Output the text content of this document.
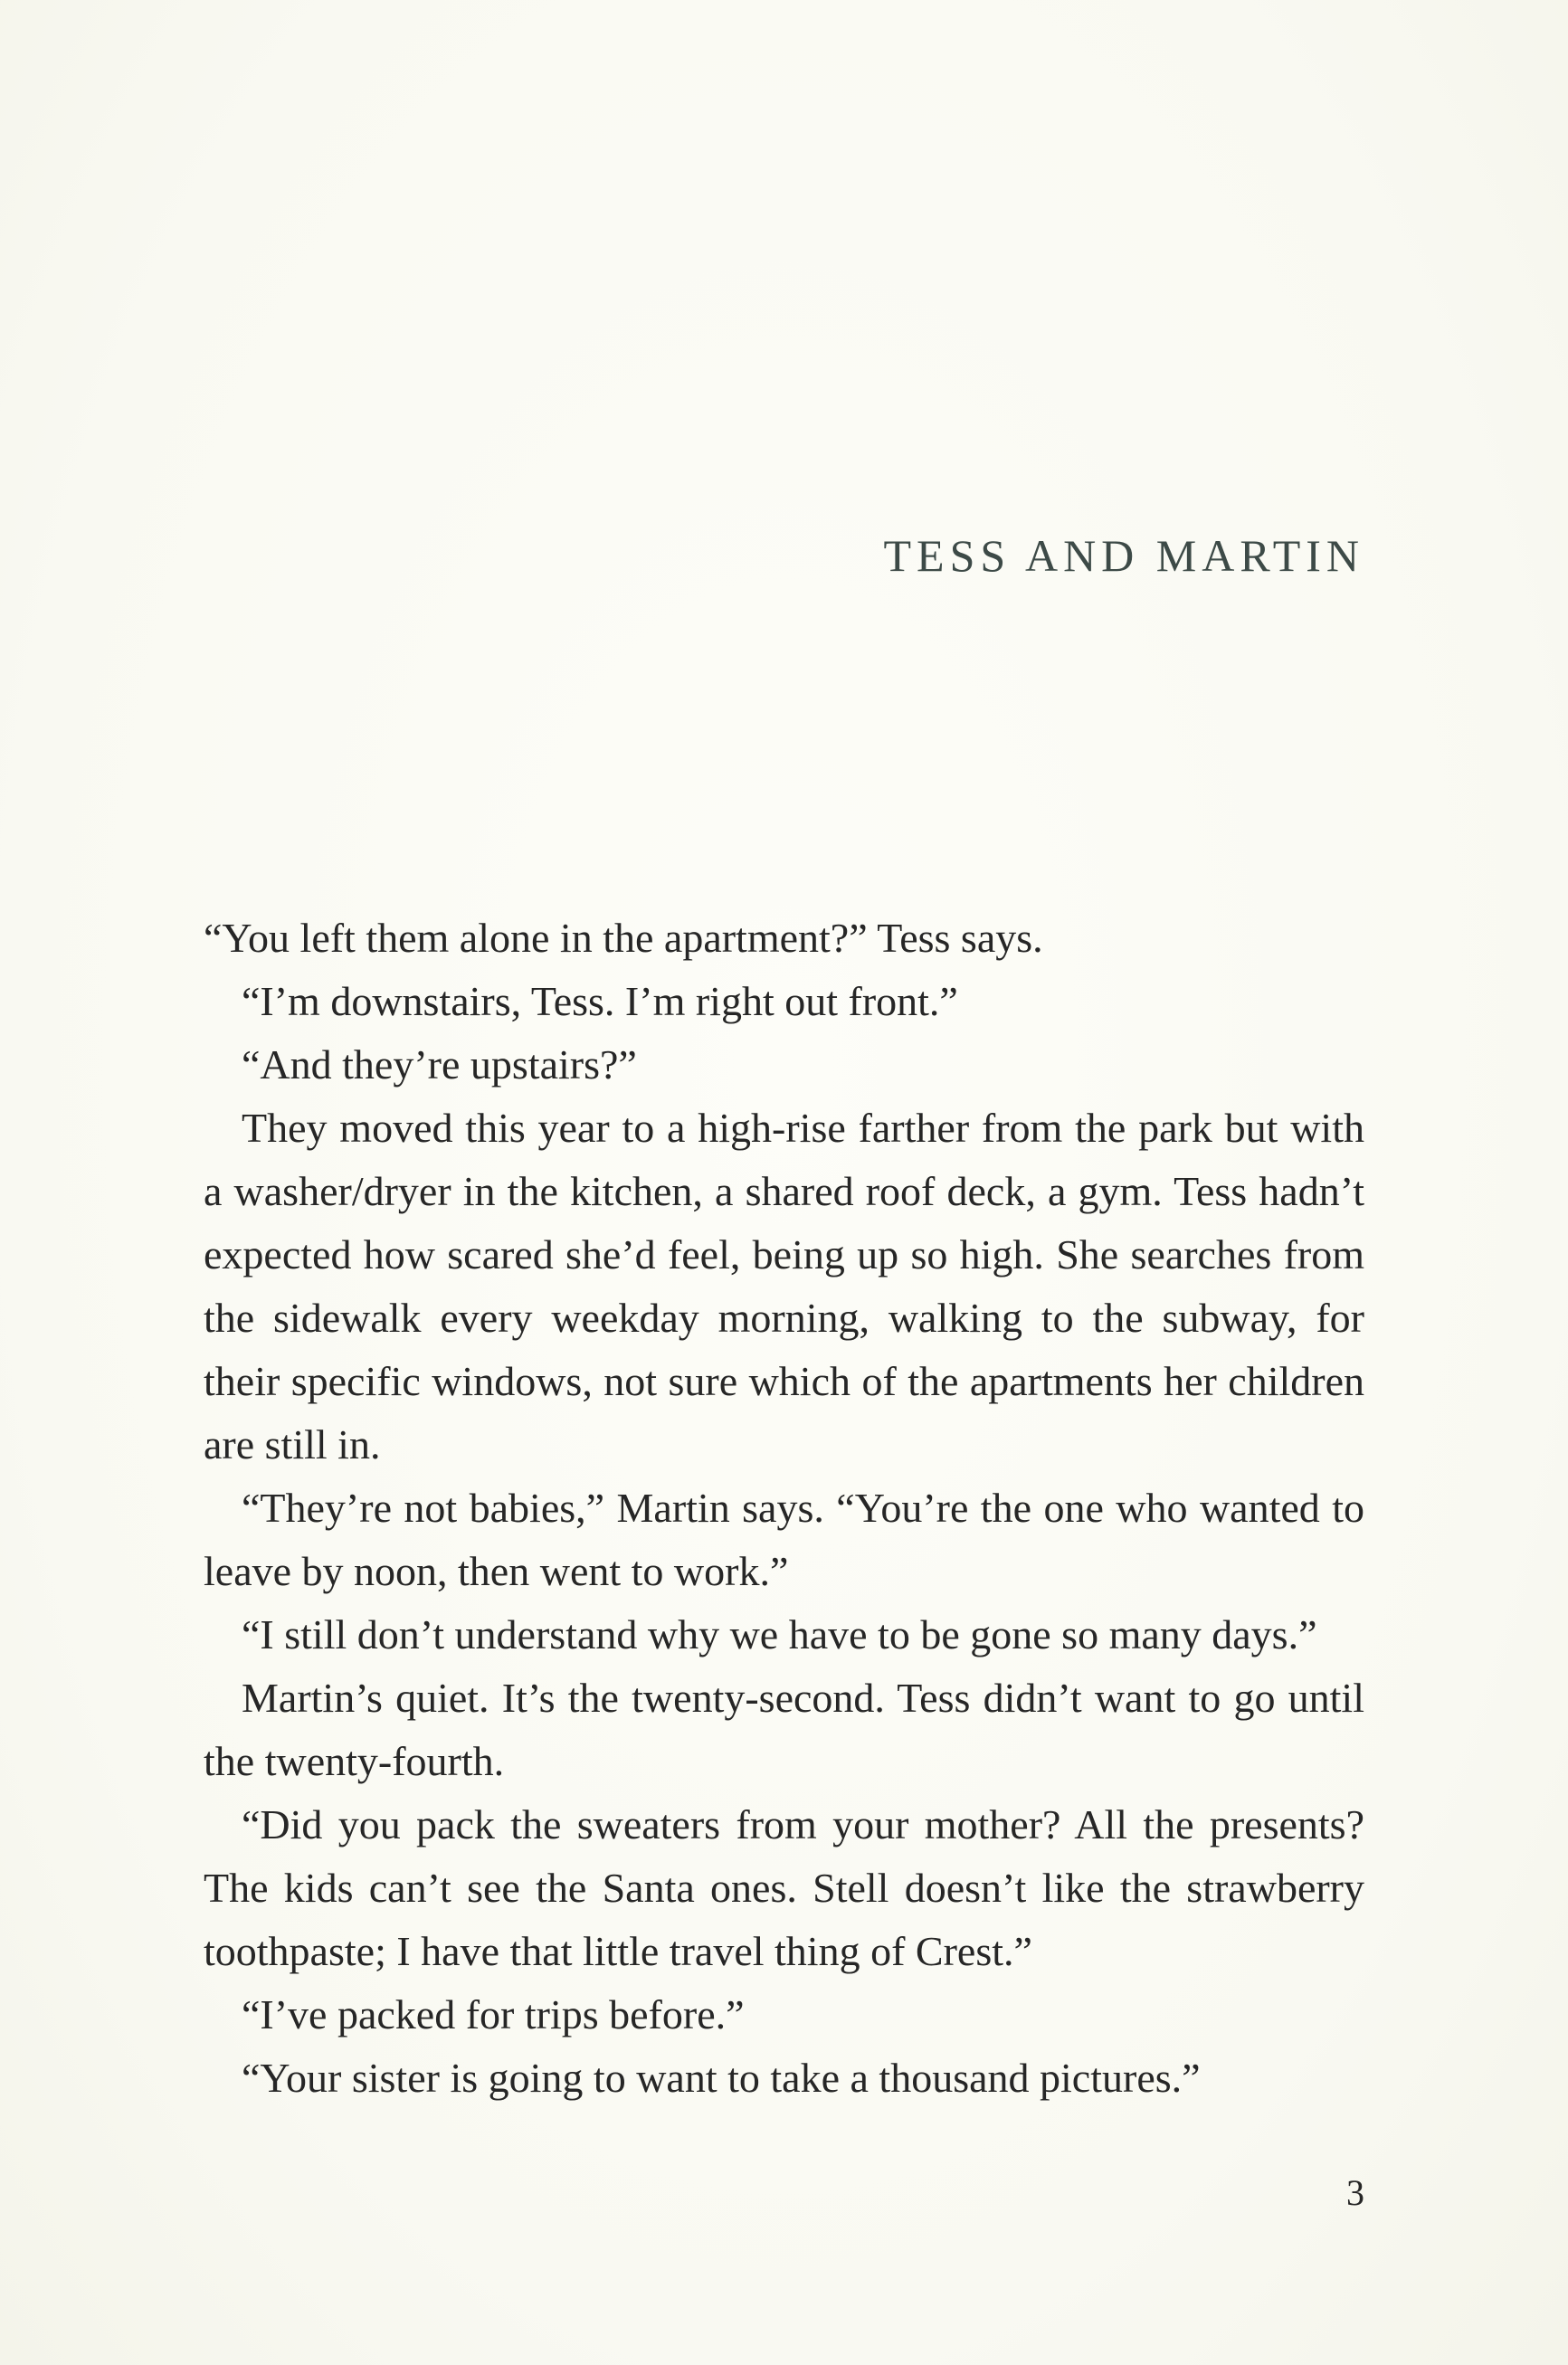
TESS AND MARTIN

“You left them alone in the apartment?” Tess says.

“I’m downstairs, Tess. I’m right out front.”

“And they’re upstairs?”

They moved this year to a high-rise farther from the park but with a washer/dryer in the kitchen, a shared roof deck, a gym. Tess hadn’t expected how scared she’d feel, being up so high. She searches from the sidewalk every weekday morning, walking to the subway, for their specific windows, not sure which of the apartments her children are still in.

“They’re not babies,” Martin says. “You’re the one who wanted to leave by noon, then went to work.”

“I still don’t understand why we have to be gone so many days.”

Martin’s quiet. It’s the twenty-second. Tess didn’t want to go until the twenty-fourth.

“Did you pack the sweaters from your mother? All the presents? The kids can’t see the Santa ones. Stell doesn’t like the strawberry toothpaste; I have that little travel thing of Crest.”

“I’ve packed for trips before.”

“Your sister is going to want to take a thousand pictures.”

3
